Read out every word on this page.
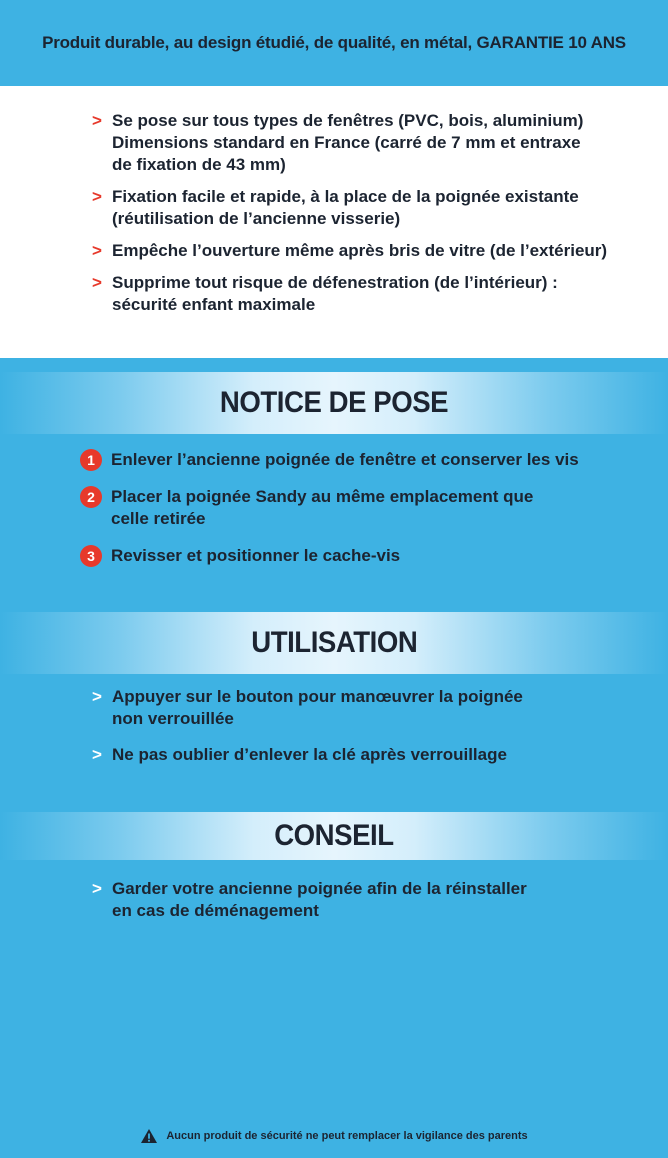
Produit durable, au design étudié, de qualité, en métal, GARANTIE 10 ANS
> Se pose sur tous types de fenêtres (PVC, bois, aluminium)
Dimensions standard en France (carré de 7 mm et entraxe
de fixation de 43 mm)
> Fixation facile et rapide, à la place de la poignée existante
(réutilisation de l’ancienne visserie)
> Empêche l’ouverture même après bris de vitre (de l’extérieur)
> Supprime tout risque de défenestration (de l’intérieur) :
sécurité enfant maximale
NOTICE DE POSE
1 Enlever l’ancienne poignée de fenêtre et conserver les vis
2 Placer la poignée Sandy au même emplacement que
celle retirée
3 Revisser et positionner le cache-vis
UTILISATION
> Appuyer sur le bouton pour manœuvrer la poignée
non verrouillée
> Ne pas oublier d’enlever la clé après verrouillage
CONSEIL
> Garder votre ancienne poignée afin de la réinstaller
en cas de déménagement
Aucun produit de sécurité ne peut remplacer la vigilance des parents
